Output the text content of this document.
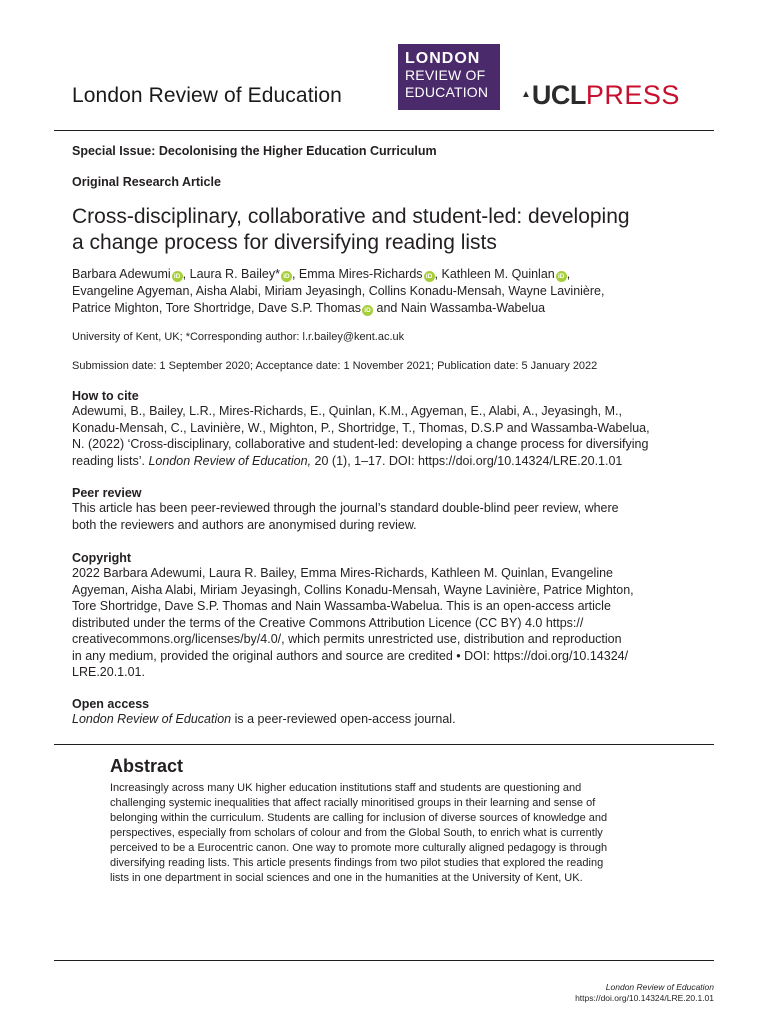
London Review of Education
LONDON
REVIEW OF
EDUCATION	▲UCLPRESS
Special Issue: Decolonising the Higher Education Curriculum
Original Research Article
Cross-disciplinary, collaborative and student-led: developing
a change process for diversifying reading lists
Barbara Adewumi iD , Laura R. Bailey* iD , Emma Mires-Richards iD , Kathleen M. Quinlan iD ,
Evangeline Agyeman, Aisha Alabi, Miriam Jeyasingh, Collins Konadu-Mensah, Wayne Lavinière,
Patrice Mighton, Tore Shortridge, Dave S.P. Thomas iD and Nain Wassamba-Wabelua
University of Kent, UK; *Corresponding author: l.r.bailey@kent.ac.uk
Submission date: 1 September 2020; Acceptance date: 1 November 2021; Publication date: 5 January 2022
How to cite
Adewumi, B., Bailey, L.R., Mires-Richards, E., Quinlan, K.M., Agyeman, E., Alabi, A., Jeyasingh, M.,
Konadu-Mensah, C., Lavinière, W., Mighton, P., Shortridge, T., Thomas, D.S.P and Wassamba-Wabelua,
N. (2022) ‘Cross-disciplinary, collaborative and student-led: developing a change process for diversifying
reading lists’. London Review of Education, 20 (1), 1–17. DOI: https://doi.org/10.14324/LRE.20.1.01
Peer review
This article has been peer-reviewed through the journal’s standard double-blind peer review, where
both the reviewers and authors are anonymised during review.
Copyright
2022 Barbara Adewumi, Laura R. Bailey, Emma Mires-Richards, Kathleen M. Quinlan, Evangeline
Agyeman, Aisha Alabi, Miriam Jeyasingh, Collins Konadu-Mensah, Wayne Lavinière, Patrice Mighton,
Tore Shortridge, Dave S.P. Thomas and Nain Wassamba-Wabelua. This is an open-access article
distributed under the terms of the Creative Commons Attribution Licence (CC BY) 4.0 https://
creativecommons.org/licenses/by/4.0/, which permits unrestricted use, distribution and reproduction
in any medium, provided the original authors and source are credited • DOI: https://doi.org/10.14324/
LRE.20.1.01.
Open access
London Review of Education is a peer-reviewed open-access journal.
Abstract
Increasingly across many UK higher education institutions staff and students are questioning and
challenging systemic inequalities that affect racially minoritised groups in their learning and sense of
belonging within the curriculum. Students are calling for inclusion of diverse sources of knowledge and
perspectives, especially from scholars of colour and from the Global South, to enrich what is currently
perceived to be a Eurocentric canon. One way to promote more culturally aligned pedagogy is through
diversifying reading lists. This article presents findings from two pilot studies that explored the reading
lists in one department in social sciences and one in the humanities at the University of Kent, UK.
London Review of Education
https://doi.org/10.14324/LRE.20.1.01
